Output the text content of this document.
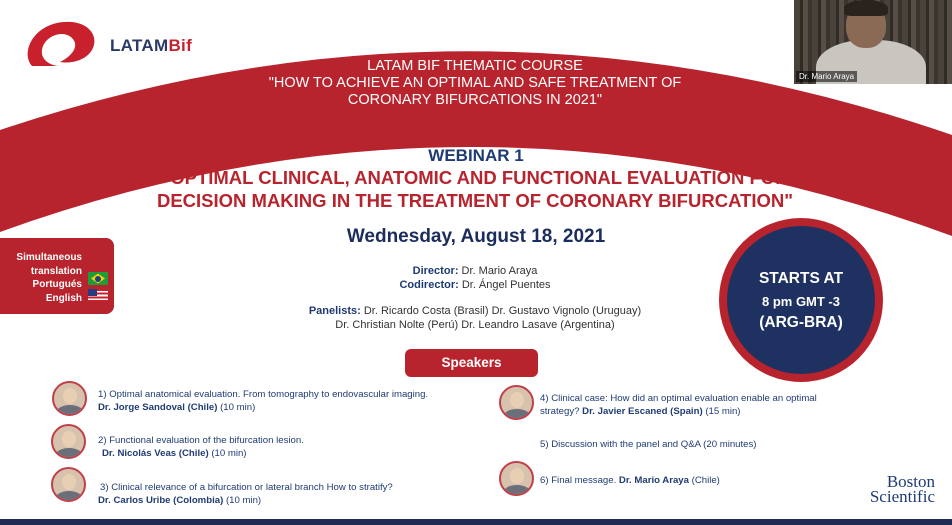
LATAMBif
LATAM BIF THEMATIC COURSE
"HOW TO ACHIEVE AN OPTIMAL AND SAFE TREATMENT OF
CORONARY BIFURCATIONS IN 2021"
WEBINAR 1
"OPTIMAL CLINICAL, ANATOMIC AND FUNCTIONAL EVALUATION FOR
DECISION MAKING IN THE TREATMENT OF CORONARY BIFURCATION"
Wednesday, August 18, 2021
Director: Dr. Mario Araya
Codirector: Dr. Ángel Puentes
Panelists: Dr. Ricardo Costa (Brasil) Dr. Gustavo Vignolo (Uruguay)
Dr. Christian Nolte (Perú) Dr. Leandro Lasave (Argentina)
Simultaneous
translation
Portugués
English
STARTS AT
8 pm GMT -3
(ARG-BRA)
Speakers
1) Optimal anatomical evaluation. From tomography to endovascular imaging.
Dr. Jorge Sandoval (Chile) (10 min)
2) Functional evaluation of the bifurcation lesion.
Dr. Nicolás Veas (Chile) (10 min)
3) Clinical relevance of a bifurcation or lateral branch How to stratify?
Dr. Carlos Uribe (Colombia) (10 min)
4) Clinical case: How did an optimal evaluation enable an optimal
strategy? Dr. Javier Escaned (Spain) (15 min)
5) Discussion with the panel and Q&A (20 minutes)
6) Final message. Dr. Mario Araya (Chile)	Boston
Scientific
Dr. Mario Araya
